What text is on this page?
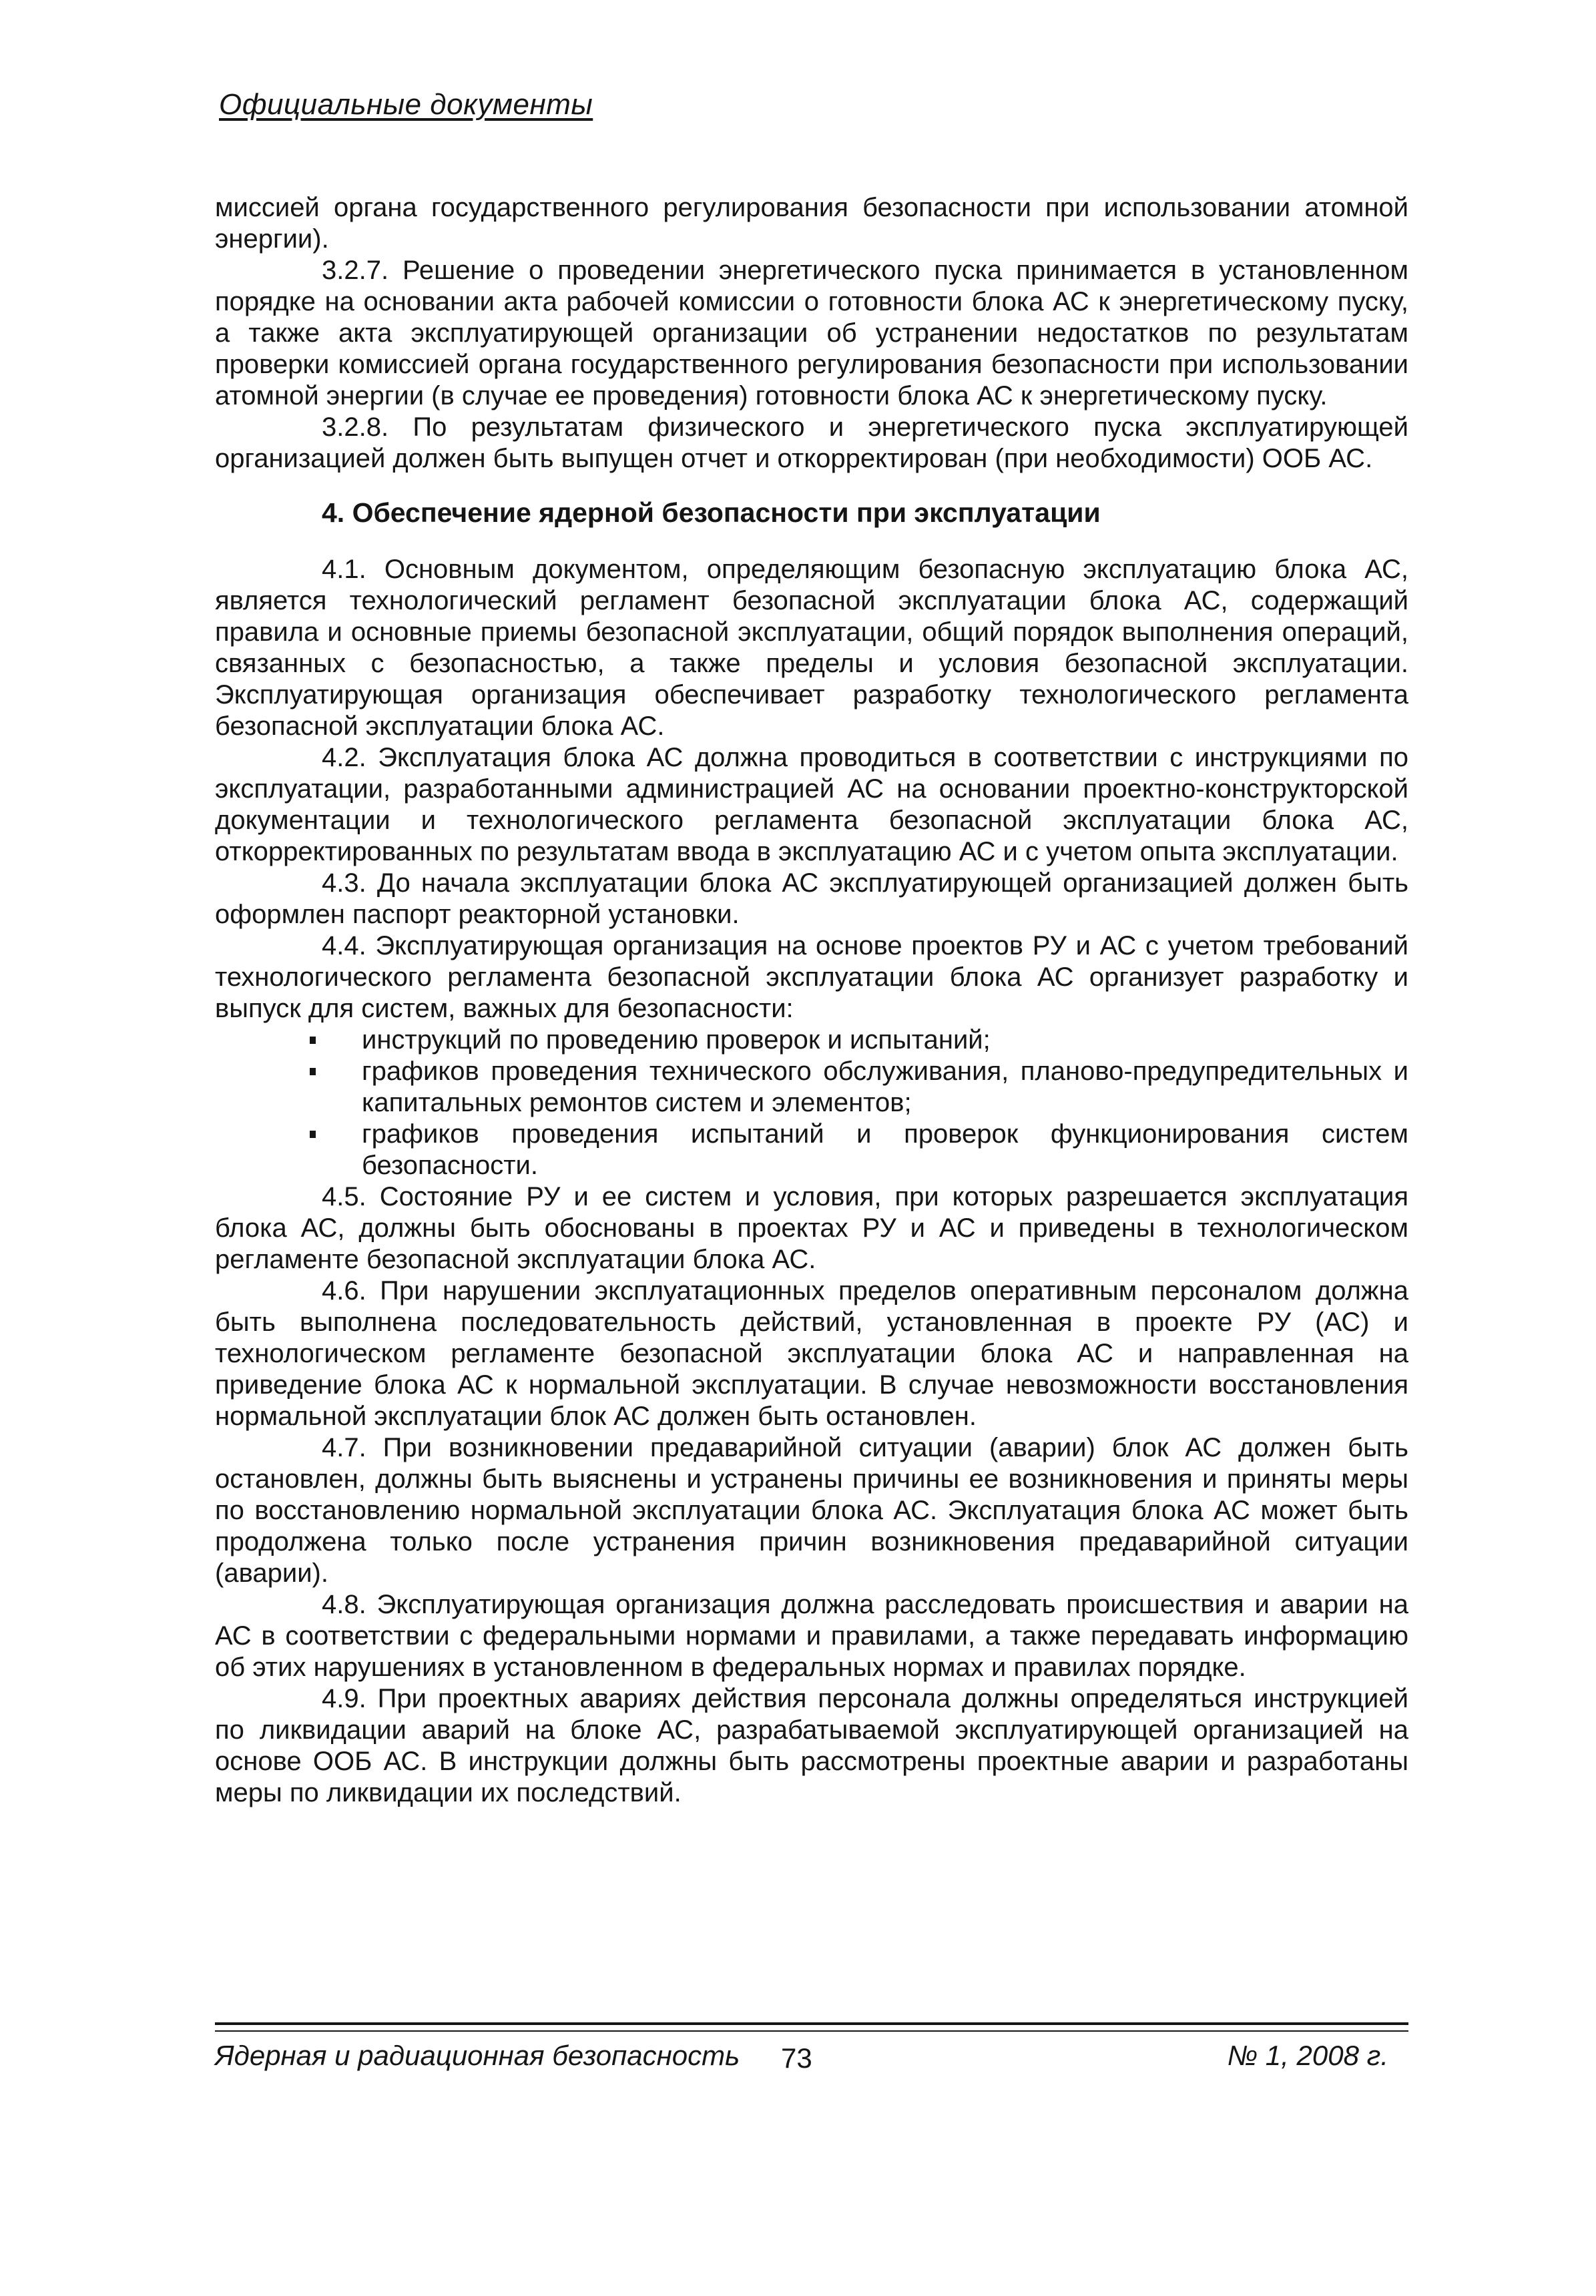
Официальные документы

миссией органа государственного регулирования безопасности при использовании атомной энергии).

3.2.7. Решение о проведении энергетического пуска принимается в установленном порядке на основании акта рабочей комиссии о готовности блока АС к энергетическому пуску, а также акта эксплуатирующей организации об устранении недостатков по результатам проверки комиссией органа государственного регулирования безопасности при использовании атомной энергии (в случае ее проведения) готовности блока АС к энергетическому пуску.

3.2.8. По результатам физического и энергетического пуска эксплуатирующей организацией должен быть выпущен отчет и откорректирован (при необходимости) ООБ АС.

4. Обеспечение ядерной безопасности при эксплуатации

4.1. Основным документом, определяющим безопасную эксплуатацию блока АС, является технологический регламент безопасной эксплуатации блока АС, содержащий правила и основные приемы безопасной эксплуатации, общий порядок выполнения операций, связанных с безопасностью, а также пределы и условия безопасной эксплуатации. Эксплуатирующая организация обеспечивает разработку технологического регламента безопасной эксплуатации блока АС.

4.2. Эксплуатация блока АС должна проводиться в соответствии с инструкциями по эксплуатации, разработанными администрацией АС на основании проектно-конструкторской документации и технологического регламента безопасной эксплуатации блока АС, откорректированных по результатам ввода в эксплуатацию АС и с учетом опыта эксплуатации.

4.3. До начала эксплуатации блока АС эксплуатирующей организацией должен быть оформлен паспорт реакторной установки.

4.4. Эксплуатирующая организация на основе проектов РУ и АС с учетом требований технологического регламента безопасной эксплуатации блока АС организует разработку и выпуск для систем, важных для безопасности:

инструкций по проведению проверок и испытаний;
графиков проведения технического обслуживания, планово-предупредительных и капитальных ремонтов систем и элементов;
графиков проведения испытаний и проверок функционирования систем безопасности.

4.5. Состояние РУ и ее систем и условия, при которых разрешается эксплуатация блока АС, должны быть обоснованы в проектах РУ и АС и приведены в технологическом регламенте безопасной эксплуатации блока АС.

4.6. При нарушении эксплуатационных пределов оперативным персоналом должна быть выполнена последовательность действий, установленная в проекте РУ (АС) и технологическом регламенте безопасной эксплуатации блока АС и направленная на приведение блока АС к нормальной эксплуатации. В случае невозможности восстановления нормальной эксплуатации блок АС должен быть остановлен.

4.7. При возникновении предаварийной ситуации (аварии) блок АС должен быть остановлен, должны быть выяснены и устранены причины ее возникновения и приняты меры по восстановлению нормальной эксплуатации блока АС. Эксплуатация блока АС может быть продолжена только после устранения причин возникновения предаварийной ситуации (аварии).

4.8. Эксплуатирующая организация должна расследовать происшествия и аварии на АС в соответствии с федеральными нормами и правилами, а также передавать информацию об этих нарушениях в установленном в федеральных нормах и правилах порядке.

4.9. При проектных авариях действия персонала должны определяться инструкцией по ликвидации аварий на блоке АС, разрабатываемой эксплуатирующей организацией на основе ООБ АС. В инструкции должны быть рассмотрены проектные аварии и разработаны меры по ликвидации их последствий.

Ядерная и радиационная безопасность 73	№ 1, 2008 г.
